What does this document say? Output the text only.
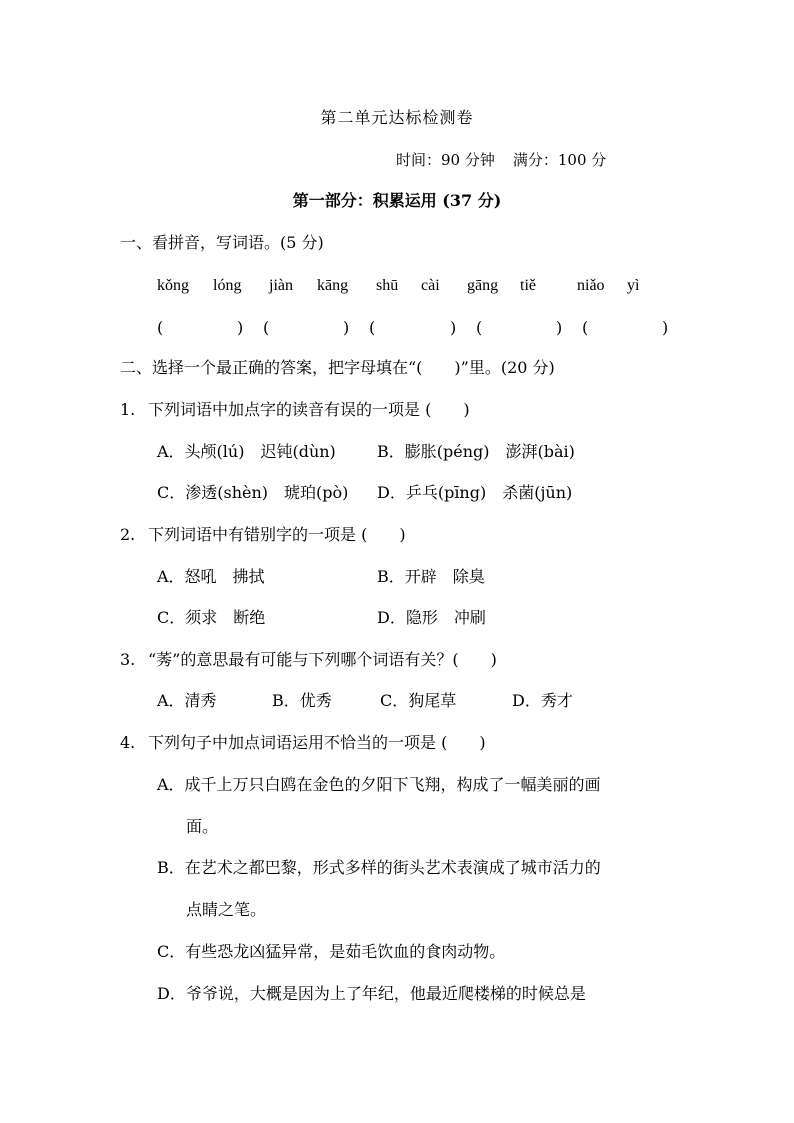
第二单元达标检测卷
时间：90 分钟 满分：100 分
第一部分：积累运用 (37 分)
一、看拼音，写词语。(5 分)
kǒng lóng jiàn kāng shū cài gāng tiě	niǎo yì
(	) (	) (	) (	) (	)
二、选择一个最正确的答案，把字母填在“(　　)”里。(20 分)
1. 下列词语中加点字的读音有误的一项是 (　　)
A．头颅(lú)　迟钝(dùn)	B．膨胀(péng)　澎湃(bài)
C．渗透(shèn)　琥珀(pò) D．乒乓(pīng)　杀菌(jūn)
2. 下列词语中有错别字的一项是 (　　)
A．怒吼　拂拭	B．开辟　除臭
C．须求　断绝	D．隐形　冲刷
3. “莠”的意思最有可能与下列哪个词语有关？(　　)
A．清秀	B．优秀	C．狗尾草	D．秀才
4. 下列句子中加点词语运用不恰当的一项是 (　　)
A．成千上万只白鸥在金色的夕阳下飞翔，构成了一幅美丽的画
面。
B．在艺术之都巴黎，形式多样的街头艺术表演成了城市活力的
点睛之笔。
C．有些恐龙凶猛异常，是茹毛饮血的食肉动物。
D．爷爷说，大概是因为上了年纪，他最近爬楼梯的时候总是
